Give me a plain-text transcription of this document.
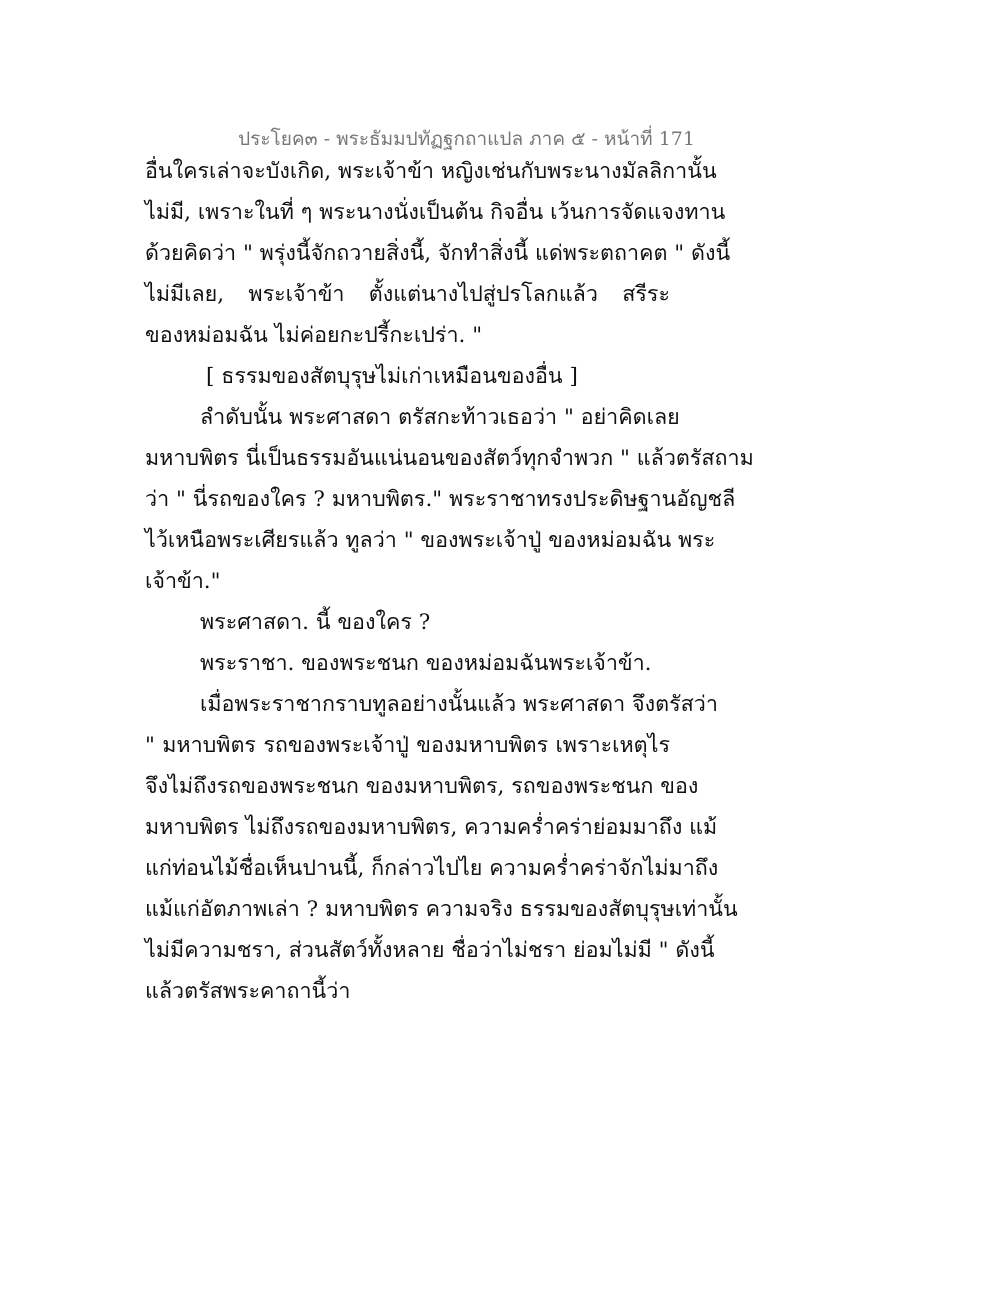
ประโยค๓ - พระธัมมปทัฏฐกถาแปล ภาค ๕ - หน้าที่ 171
อื่นใครเล่าจะบังเกิด, พระเจ้าข้า หญิงเช่นกับพระนางมัลลิกานั้น
ไม่มี, เพราะในที่ ๆ พระนางนั่งเป็นต้น กิจอื่น เว้นการจัดแจงทาน
ด้วยคิดว่า " พรุ่งนี้จักถวายสิ่งนี้, จักทำสิ่งนี้ แด่พระตถาคต " ดังนี้
ไม่มีเลย, พระเจ้าข้า ตั้งแต่นางไปสู่ปรโลกแล้ว สรีระ
ของหม่อมฉัน ไม่ค่อยกะปรี้กะเปร่า. "
[ ธรรมของสัตบุรุษไม่เก่าเหมือนของอื่น ]
ลำดับนั้น พระศาสดา ตรัสกะท้าวเธอว่า " อย่าคิดเลย
มหาบพิตร นี่เป็นธรรมอันแน่นอนของสัตว์ทุกจำพวก " แล้วตรัสถาม
ว่า " นี่รถของใคร ? มหาบพิตร." พระราชาทรงประดิษฐานอัญชลี
ไว้เหนือพระเศียรแล้ว ทูลว่า " ของพระเจ้าปู่ ของหม่อมฉัน พระ
เจ้าข้า."
พระศาสดา. นี้ ของใคร ?
พระราชา. ของพระชนก ของหม่อมฉันพระเจ้าข้า.
เมื่อพระราชากราบทูลอย่างนั้นแล้ว พระศาสดา จึงตรัสว่า
" มหาบพิตร รถของพระเจ้าปู่ ของมหาบพิตร เพราะเหตุไร
จึงไม่ถึงรถของพระชนก ของมหาบพิตร, รถของพระชนก ของ
มหาบพิตร ไม่ถึงรถของมหาบพิตร, ความคร่ำคร่าย่อมมาถึง แม้
แก่ท่อนไม้ชื่อเห็นปานนี้, ก็กล่าวไปไย ความคร่ำคร่าจักไม่มาถึง
แม้แก่อัตภาพเล่า ? มหาบพิตร ความจริง ธรรมของสัตบุรุษเท่านั้น
ไม่มีความชรา, ส่วนสัตว์ทั้งหลาย ชื่อว่าไม่ชรา ย่อมไม่มี " ดังนี้
แล้วตรัสพระคาถานี้ว่า
